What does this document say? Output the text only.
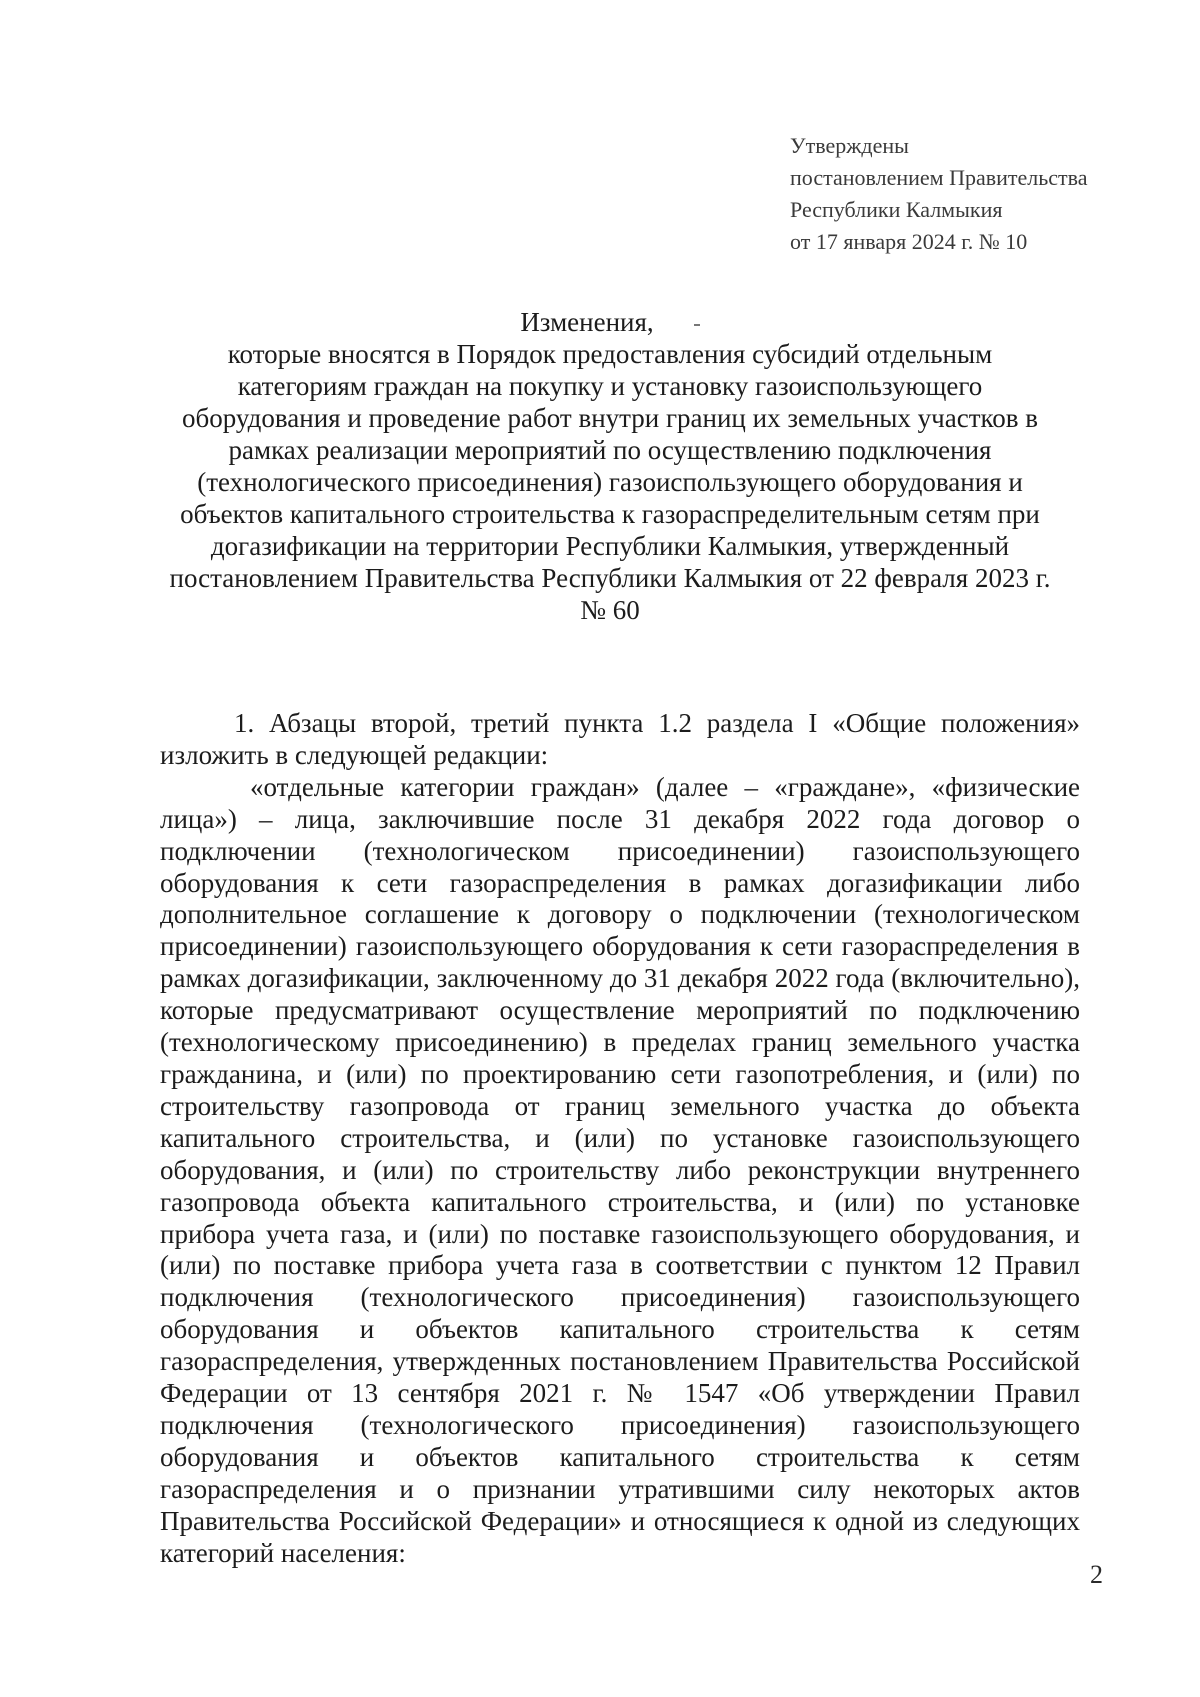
Утверждены
постановлением Правительства
Республики Калмыкия
от 17 января 2024 г. № 10
Изменения,
которые вносятся в Порядок предоставления субсидий отдельным
категориям граждан на покупку и установку газоиспользующего
оборудования и проведение работ внутри границ их земельных участков в
рамках реализации мероприятий по осуществлению подключения
(технологического присоединения) газоиспользующего оборудования и
объектов капитального строительства к газораспределительным сетям при
догазификации на территории Республики Калмыкия, утвержденный
постановлением Правительства Республики Калмыкия от 22 февраля 2023 г.
№ 60

1. Абзацы второй, третий пункта 1.2 раздела I «Общие положения» изложить в следующей редакции:

«отдельные категории граждан» (далее – «граждане», «физические лица») – лица, заключившие после 31 декабря 2022 года договор о подключении (технологическом присоединении) газоиспользующего оборудования к сети газораспределения в рамках догазификации либо дополнительное соглашение к договору о подключении (технологическом присоединении) газоиспользующего оборудования к сети газораспределения в рамках догазификации, заключенному до 31 декабря 2022 года (включительно), которые предусматривают осуществление мероприятий по подключению (технологическому присоединению) в пределах границ земельного участка гражданина, и (или) по проектированию сети газопотребления, и (или) по строительству газопровода от границ земельного участка до объекта капитального строительства, и (или) по установке газоиспользующего оборудования, и (или) по строительству либо реконструкции внутреннего газопровода объекта капитального строительства, и (или) по установке прибора учета газа, и (или) по поставке газоиспользующего оборудования, и (или) по поставке прибора учета газа в соответствии с пунктом 12 Правил подключения (технологического присоединения) газоиспользующего оборудования и объектов капитального строительства к сетям газораспределения, утвержденных постановлением Правительства Российской Федерации от 13 сентября 2021 г. № 1547 «Об утверждении Правил подключения (технологического присоединения) газоиспользующего оборудования и объектов капитального строительства к сетям газораспределения и о признании утратившими силу некоторых актов Правительства Российской Федерации» и относящиеся к одной из следующих категорий населения:

2
